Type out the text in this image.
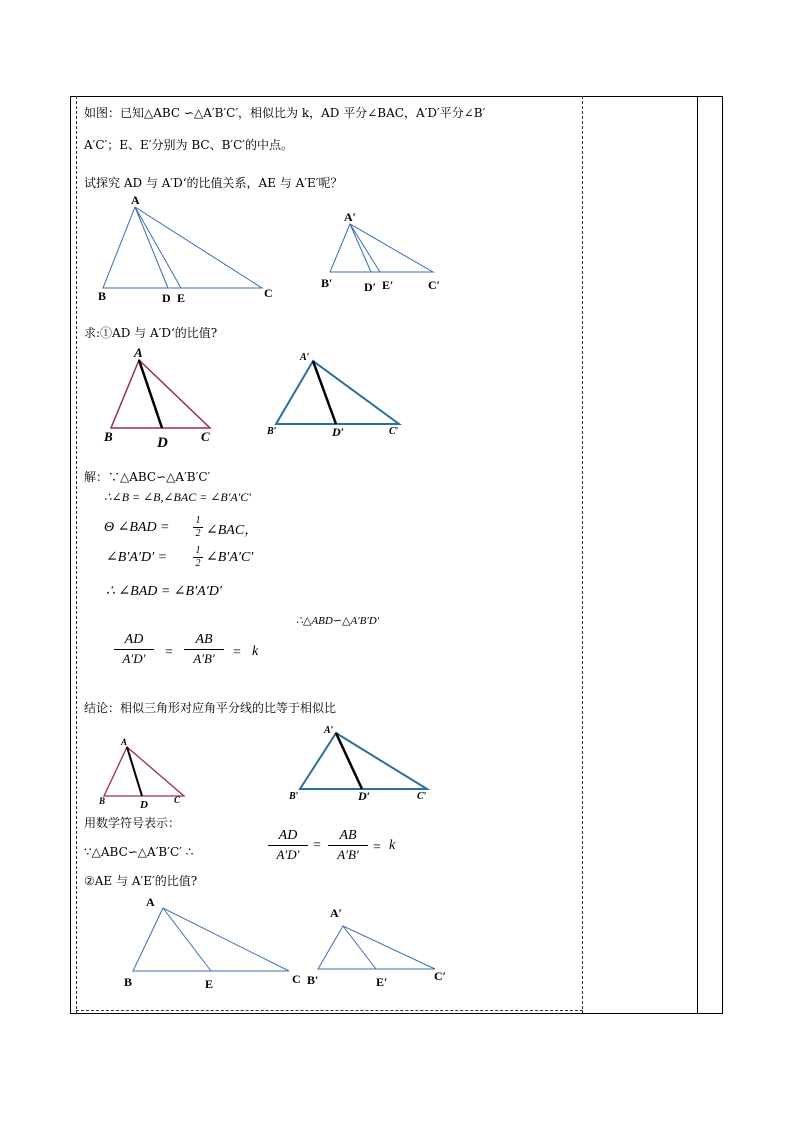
如图：已知△ABC ∽△A′B′C′，相似比为 k，AD 平分∠BAC，A′D′平分∠B′
A′C′；E、E′分别为 BC、B′C′的中点。
试探究 AD 与 A′D‘的比值关系，AE 与 A′E′呢？
A
B	C
D E
A′
B′	C′
D′ E′
A
B	C
D
A′
B′	C′
D′
A
B	C
D
A′
B′	C′
D′
A
B	C
E
A′
B′	C′
E′
求:①AD 与 A′D‘的比值?
解：∵△ABC∽△A′B′C′
∴∠B = ∠B,∠BAC = ∠B′A′C′
Θ ∠BAD =	1
2 ∠BAC，
∠B′A′D′ =	1
2 ∠B′A′C′
∴ ∠BAD = ∠B′A′D′
∴△ABD∽△A′B′D′
AD
A′D′	=
AB
A′B′	= k
结论：相似三角形对应角平分线的比等于相似比
用数学符号表示：
∵△ABC∽△A′B′C′ ∴
AD
A′D′
=
AB
A′B′	= k
②AE 与 A′E′的比值?
